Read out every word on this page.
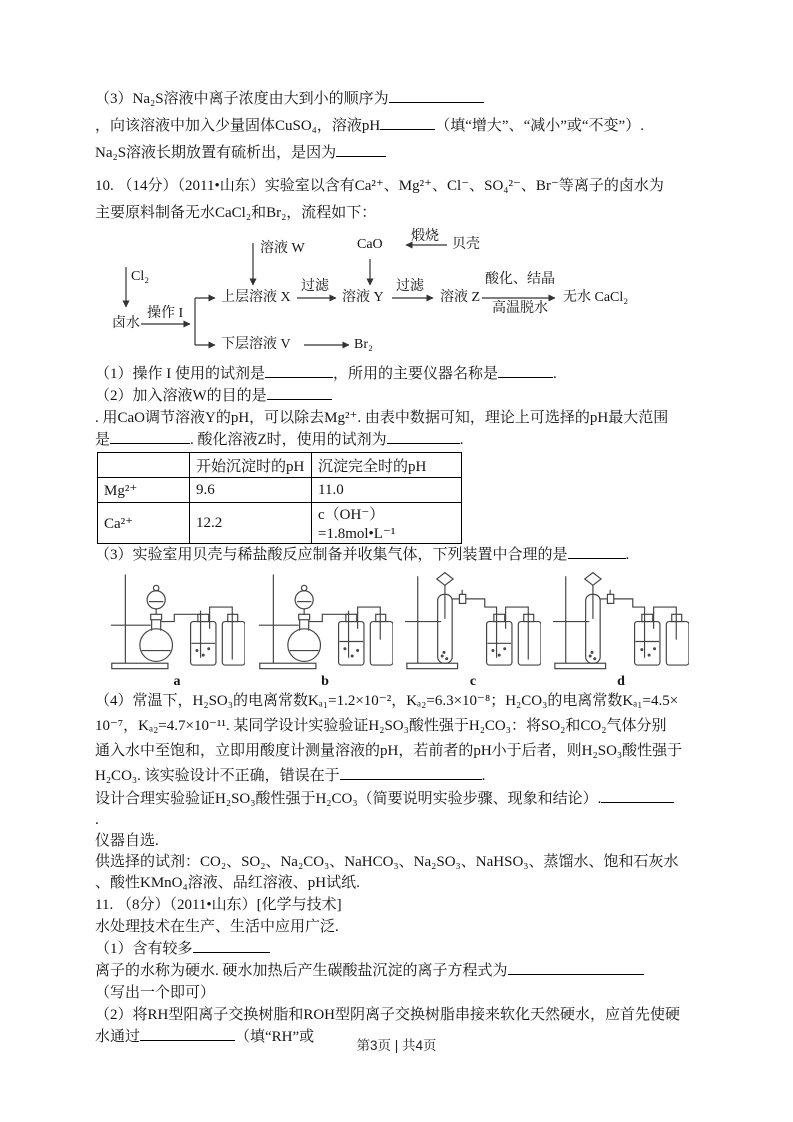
（3）Na₂S溶液中离子浓度由大到小的顺序为

，向该溶液中加入少量固体CuSO₄，溶液pH	（填“增大”、“减小”或“不变”）.

Na₂S溶液长期放置有硫析出，是因为

10. （14分）（2011•山东）实验室以含有Ca²⁺、Mg²⁺、Cl⁻、SO₄²⁻、Br⁻等离子的卤水为

主要原料制备无水CaCl₂和Br₂，流程如下：

Cl₂
卤水
操作 I
上层溶液 X
溶液 W
过滤
溶液 Y
CaO
煅烧
贝壳
过滤
溶液 Z
酸化、结晶
高温脱水
无水 CaCl₂
下层溶液 V	Br₂

（1）操作 I 使用的试剂是	，所用的主要仪器名称是	.

（2）加入溶液W的目的是

. 用CaO调节溶液Y的pH，可以除去Mg²⁺. 由表中数据可知，理论上可选择的pH最大范围

是	. 酸化溶液Z时，使用的试剂为	.

	开始沉淀时的pH	沉淀完全时的pH
Mg²⁺	9.6	11.0
Ca²⁺	12.2	c（OH⁻）=1.8mol•L⁻¹

（3）实验室用贝壳与稀盐酸反应制备并收集气体，下列装置中合理的是	.

a	b	c	d

（4）常温下，H₂SO₃的电离常数Kₐ₁=1.2×10⁻²，Kₐ₂=6.3×10⁻⁸；H₂CO₃的电离常数Kₐ₁=4.5×

10⁻⁷，Kₐ₂=4.7×10⁻¹¹. 某同学设计实验验证H₂SO₃酸性强于H₂CO₃：将SO₂和CO₂气体分别

通入水中至饱和，立即用酸度计测量溶液的pH，若前者的pH小于后者，则H₂SO₃酸性强于

H₂CO₃. 该实验设计不正确，错误在于	.

设计合理实验验证H₂SO₃酸性强于H₂CO₃（简要说明实验步骤、现象和结论）.

.

仪器自选.

供选择的试剂：CO₂、SO₂、Na₂CO₃、NaHCO₃、Na₂SO₃、NaHSO₃、蒸馏水、饱和石灰水

、酸性KMnO₄溶液、品红溶液、pH试纸.

11. （8分）（2011•山东）[化学与技术]

水处理技术在生产、生活中应用广泛.

（1）含有较多

离子的水称为硬水. 硬水加热后产生碳酸盐沉淀的离子方程式为

（写出一个即可）

（2）将RH型阳离子交换树脂和ROH型阴离子交换树脂串接来软化天然硬水，应首先使硬

水通过	（填“RH”或

第3页 | 共4页
